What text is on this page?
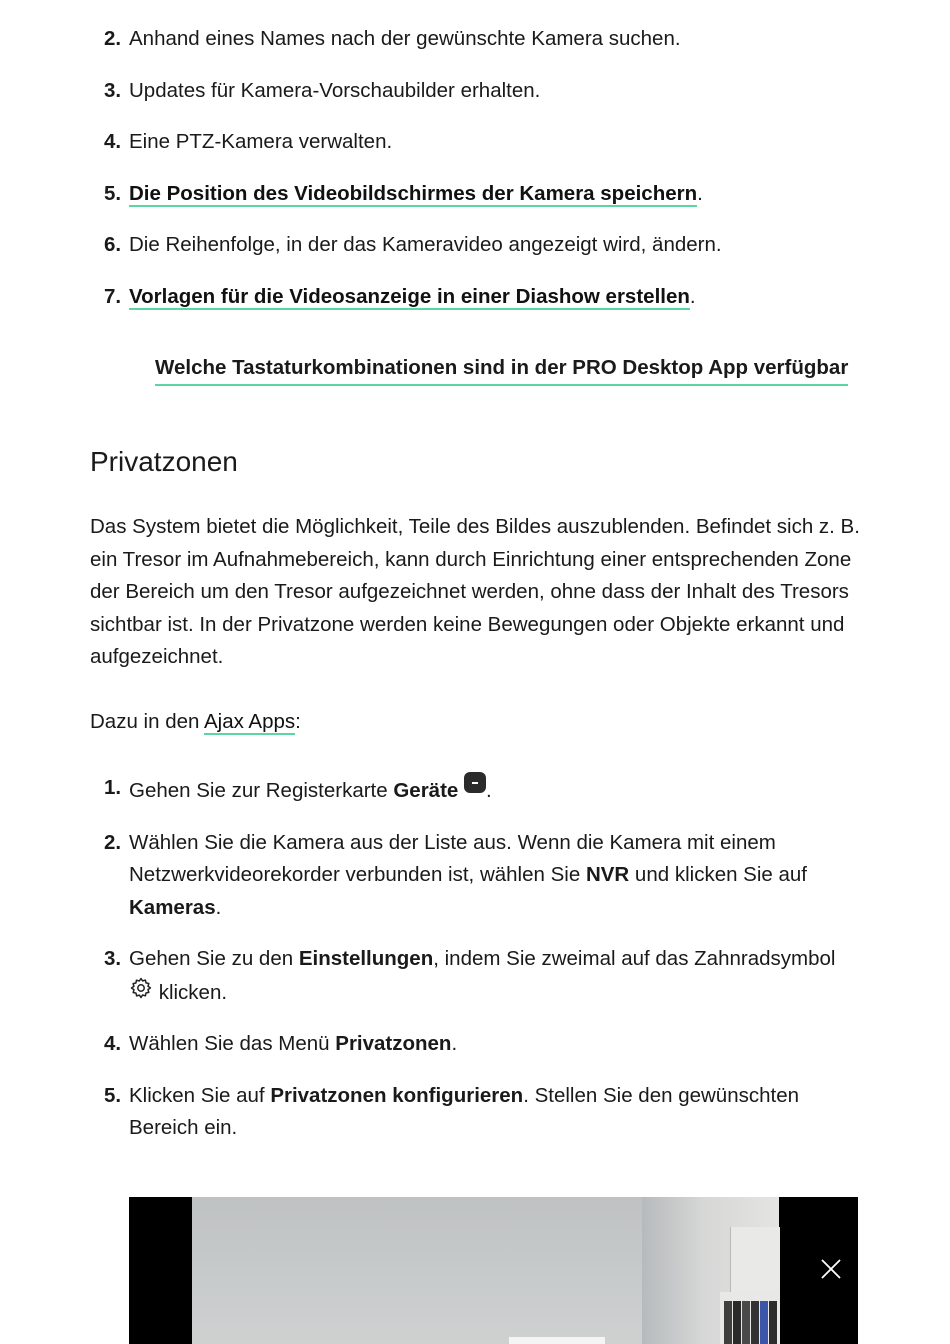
2. Anhand eines Names nach der gewünschte Kamera suchen.
3. Updates für Kamera-Vorschaubilder erhalten.
4. Eine PTZ-Kamera verwalten.
5. Die Position des Videobildschirmes der Kamera speichern.
6. Die Reihenfolge, in der das Kameravideo angezeigt wird, ändern.
7. Vorlagen für die Videosanzeige in einer Diashow erstellen.
Welche Tastaturkombinationen sind in der PRO Desktop App verfügbar
Privatzonen

Das System bietet die Möglichkeit, Teile des Bildes auszublenden. Befindet sich z. B. ein Tresor im Aufnahmebereich, kann durch Einrichtung einer entsprechenden Zone der Bereich um den Tresor aufgezeichnet werden, ohne dass der Inhalt des Tresors sichtbar ist. In der Privatzone werden keine Bewegungen oder Objekte erkannt und aufgezeichnet.

Dazu in den Ajax Apps:

1. Gehen Sie zur Registerkarte Geräte .
2. Wählen Sie die Kamera aus der Liste aus. Wenn die Kamera mit einem Netzwerkvideorekorder verbunden ist, wählen Sie NVR und klicken Sie auf Kameras.
3. Gehen Sie zu den Einstellungen, indem Sie zweimal auf das Zahnradsymbol  klicken.
4. Wählen Sie das Menü Privatzonen.
5. Klicken Sie auf Privatzonen konfigurieren. Stellen Sie den gewünschten Bereich ein.
